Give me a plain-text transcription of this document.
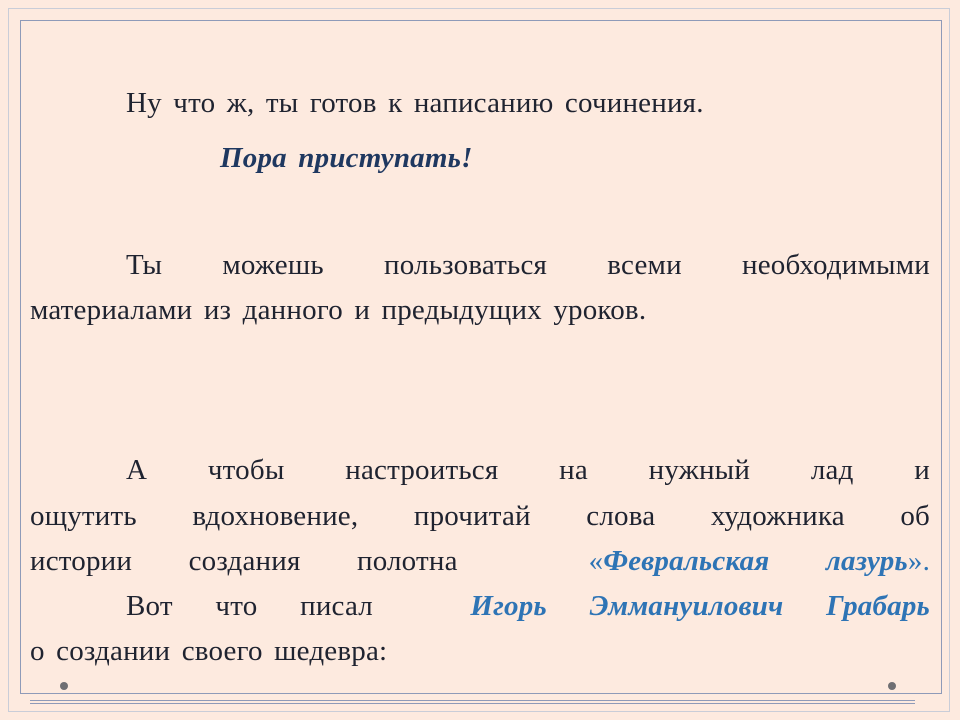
Ну что ж, ты готов к написанию сочинения.
Пора приступать!
Ты можешь пользоваться всеми необходимыми
материалами из данного и предыдущих уроков.
А чтобы настроиться на нужный лад и
ощутить вдохновение, прочитай слова художника об
истории создания полотна	«Февральская лазурь».
Вот что писал	Игорь Эммануилович Грабарь
о создании своего шедевра:
